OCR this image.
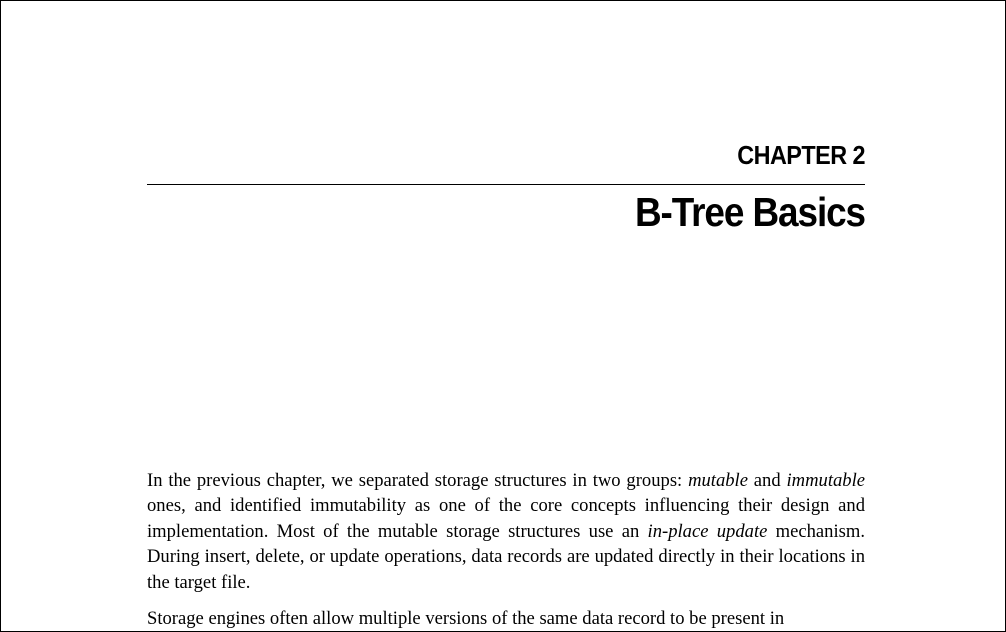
CHAPTER 2
B-Tree Basics

In the previous chapter, we separated storage structures in two groups: mutable and immutable ones, and identified immutability as one of the core concepts influencing their design and implementation. Most of the mutable storage structures use an in-place update mechanism. During insert, delete, or update operations, data records are updated directly in their locations in the target file.

Storage engines often allow multiple versions of the same data record to be present in
